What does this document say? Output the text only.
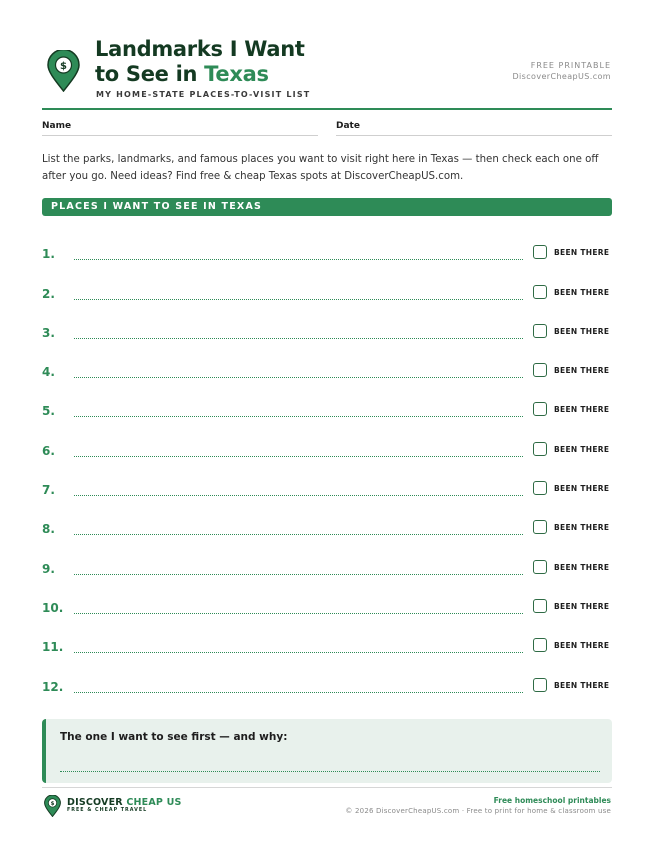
$
Landmarks I Want
to See in Texas
MY HOME-STATE PLACES-TO-VISIT LIST
FREE PRINTABLE
DiscoverCheapUS.com
Name	Date
List the parks, landmarks, and famous places you want to visit right here in Texas — then check each one off after you go. Need ideas? Find free & cheap Texas spots at DiscoverCheapUS.com.
PLACES I WANT TO SEE IN TEXAS
1.	BEEN THERE
2.	BEEN THERE
3.	BEEN THERE
4.	BEEN THERE
5.	BEEN THERE
6.	BEEN THERE
7.	BEEN THERE
8.	BEEN THERE
9.	BEEN THERE
10.	BEEN THERE
11.	BEEN THERE
12.	BEEN THERE
The one I want to see first — and why:
$ DISCOVER CHEAP US
FREE & CHEAP TRAVEL
Free homeschool printables
© 2026 DiscoverCheapUS.com · Free to print for home & classroom use
